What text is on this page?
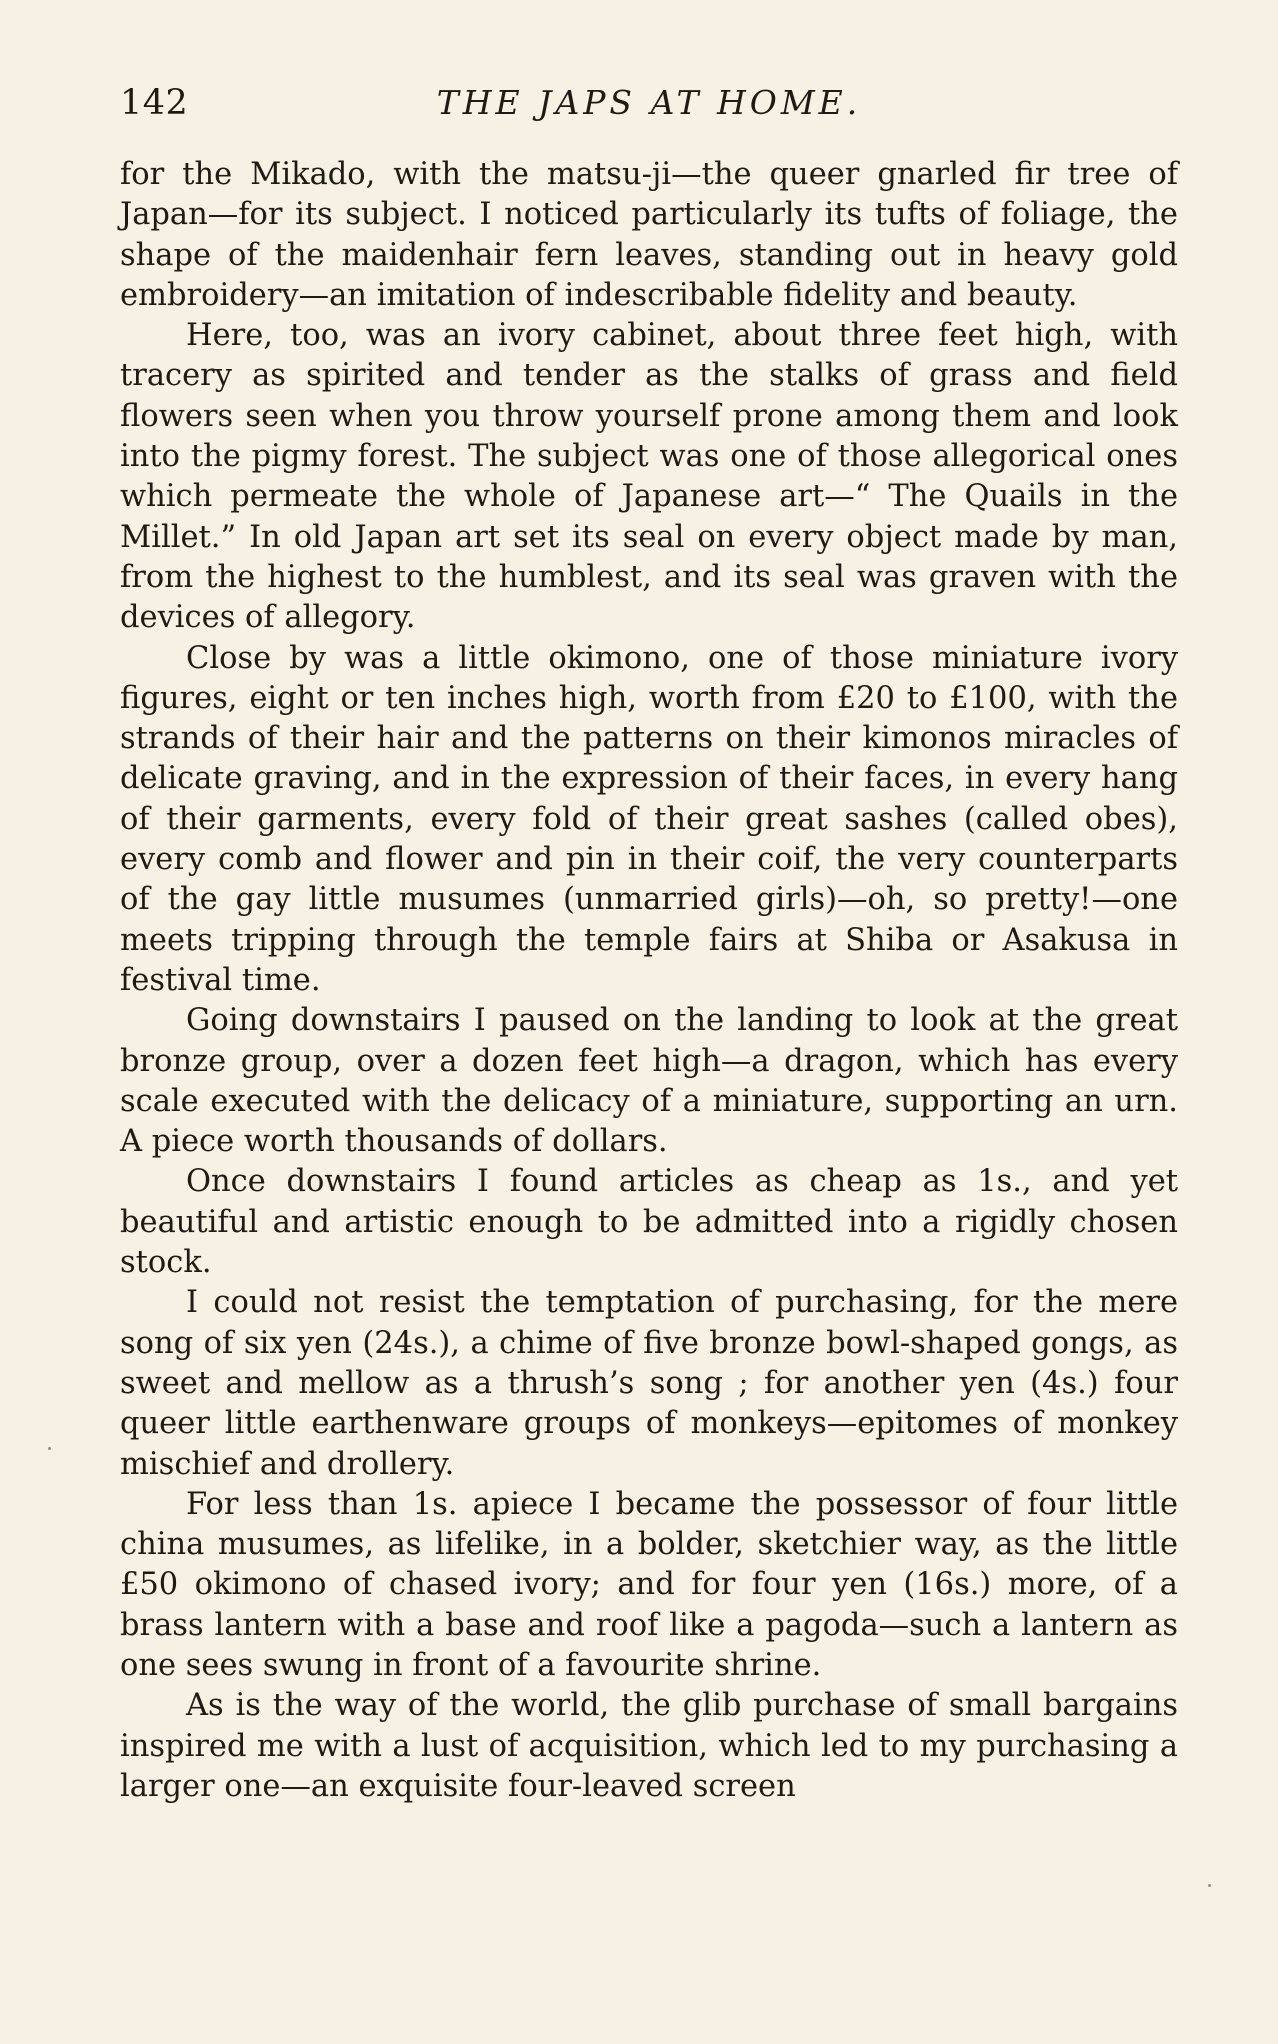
142	THE JAPS AT HOME.

for the Mikado, with the matsu-ji—the queer gnarled fir tree of Japan—for its subject. I noticed particularly its tufts of foliage, the shape of the maidenhair fern leaves, standing out in heavy gold embroidery—an imitation of indescribable fidelity and beauty.

Here, too, was an ivory cabinet, about three feet high, with tracery as spirited and tender as the stalks of grass and field flowers seen when you throw yourself prone among them and look into the pigmy forest. The subject was one of those allegorical ones which permeate the whole of Japanese art—“ The Quails in the Millet.” In old Japan art set its seal on every object made by man, from the highest to the humblest, and its seal was graven with the devices of allegory.

Close by was a little okimono, one of those miniature ivory figures, eight or ten inches high, worth from £20 to £100, with the strands of their hair and the patterns on their kimonos miracles of delicate graving, and in the expression of their faces, in every hang of their garments, every fold of their great sashes (called obes), every comb and flower and pin in their coif, the very counterparts of the gay little musumes (unmarried girls)—oh, so pretty!—one meets tripping through the temple fairs at Shiba or Asakusa in festival time.

Going downstairs I paused on the landing to look at the great bronze group, over a dozen feet high—a dragon, which has every scale executed with the delicacy of a miniature, supporting an urn. A piece worth thousands of dollars.

Once downstairs I found articles as cheap as 1s., and yet beautiful and artistic enough to be admitted into a rigidly chosen stock.

I could not resist the temptation of purchasing, for the mere song of six yen (24s.), a chime of five bronze bowl-shaped gongs, as sweet and mellow as a thrush’s song ; for another yen (4s.) four queer little earthenware groups of monkeys—epitomes of monkey mischief and drollery.

For less than 1s. apiece I became the possessor of four little china musumes, as lifelike, in a bolder, sketchier way, as the little £50 okimono of chased ivory; and for four yen (16s.) more, of a brass lantern with a base and roof like a pagoda—such a lantern as one sees swung in front of a favourite shrine.

As is the way of the world, the glib purchase of small bargains inspired me with a lust of acquisition, which led to my purchasing a larger one—an exquisite four-leaved screen
